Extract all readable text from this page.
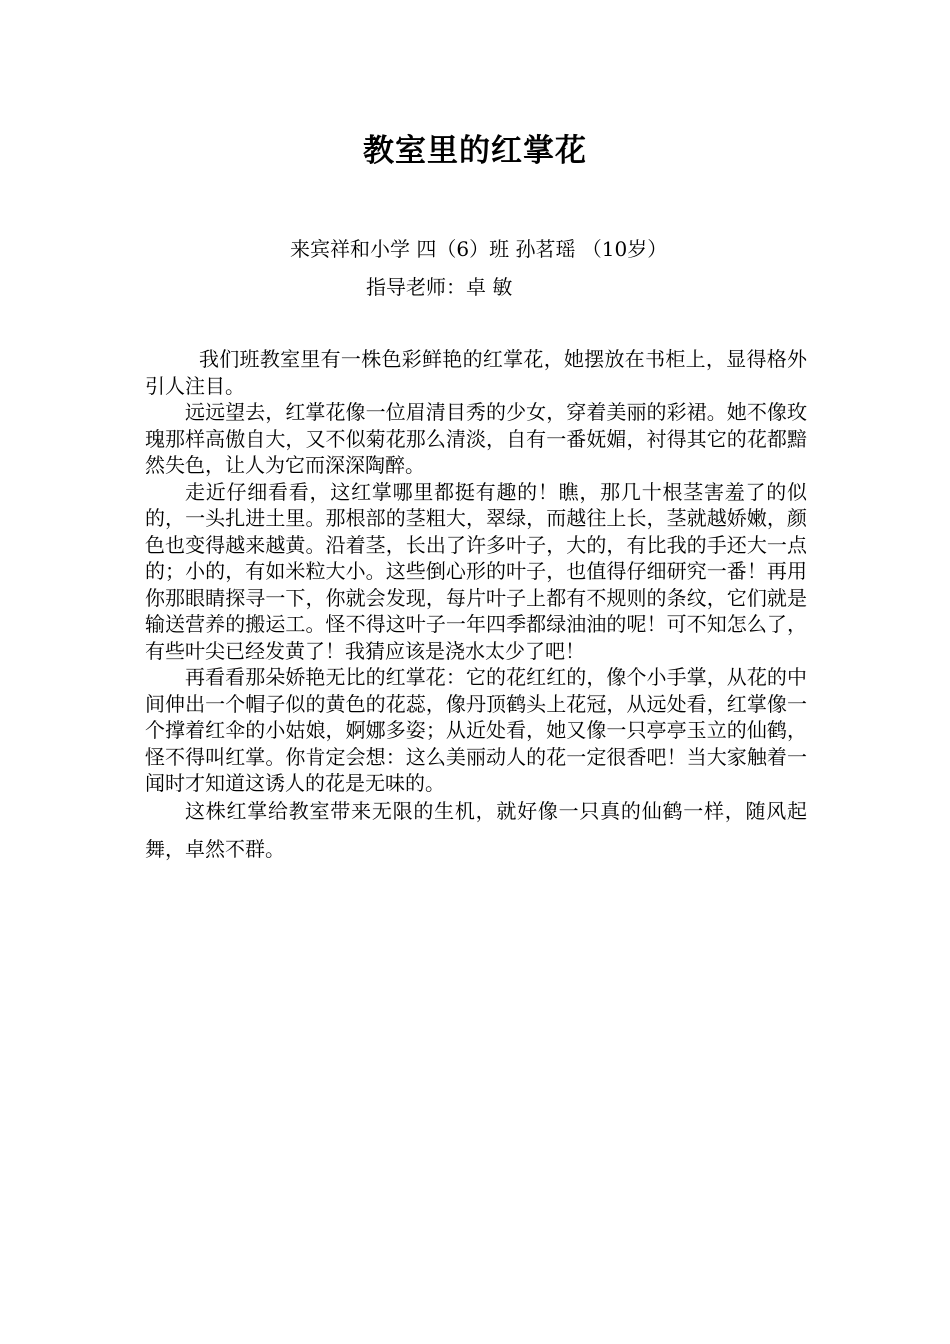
教室里的红掌花
来宾祥和小学 四（6）班 孙茗瑶 （10岁）
指导老师：卓 敏

我们班教室里有一株色彩鲜艳的红掌花，她摆放在书柜上，显得格外引人注目。

远远望去，红掌花像一位眉清目秀的少女，穿着美丽的彩裙。她不像玫瑰那样高傲自大，又不似菊花那么清淡，自有一番妩媚，衬得其它的花都黯然失色，让人为它而深深陶醉。

走近仔细看看，这红掌哪里都挺有趣的！瞧，那几十根茎害羞了的似的，一头扎进土里。那根部的茎粗大，翠绿，而越往上长，茎就越娇嫩，颜色也变得越来越黄。沿着茎，长出了许多叶子，大的，有比我的手还大一点的；小的，有如米粒大小。这些倒心形的叶子，也值得仔细研究一番！再用你那眼睛探寻一下，你就会发现，每片叶子上都有不规则的条纹，它们就是输送营养的搬运工。怪不得这叶子一年四季都绿油油的呢！可不知怎么了，有些叶尖已经发黄了！我猜应该是浇水太少了吧！

再看看那朵娇艳无比的红掌花：它的花红红的，像个小手掌，从花的中间伸出一个帽子似的黄色的花蕊，像丹顶鹤头上花冠，从远处看，红掌像一个撑着红伞的小姑娘，婀娜多姿；从近处看，她又像一只亭亭玉立的仙鹤，怪不得叫红掌。你肯定会想：这么美丽动人的花一定很香吧！当大家触着一闻时才知道这诱人的花是无味的。

这株红掌给教室带来无限的生机，就好像一只真的仙鹤一样，随风起舞，卓然不群。
